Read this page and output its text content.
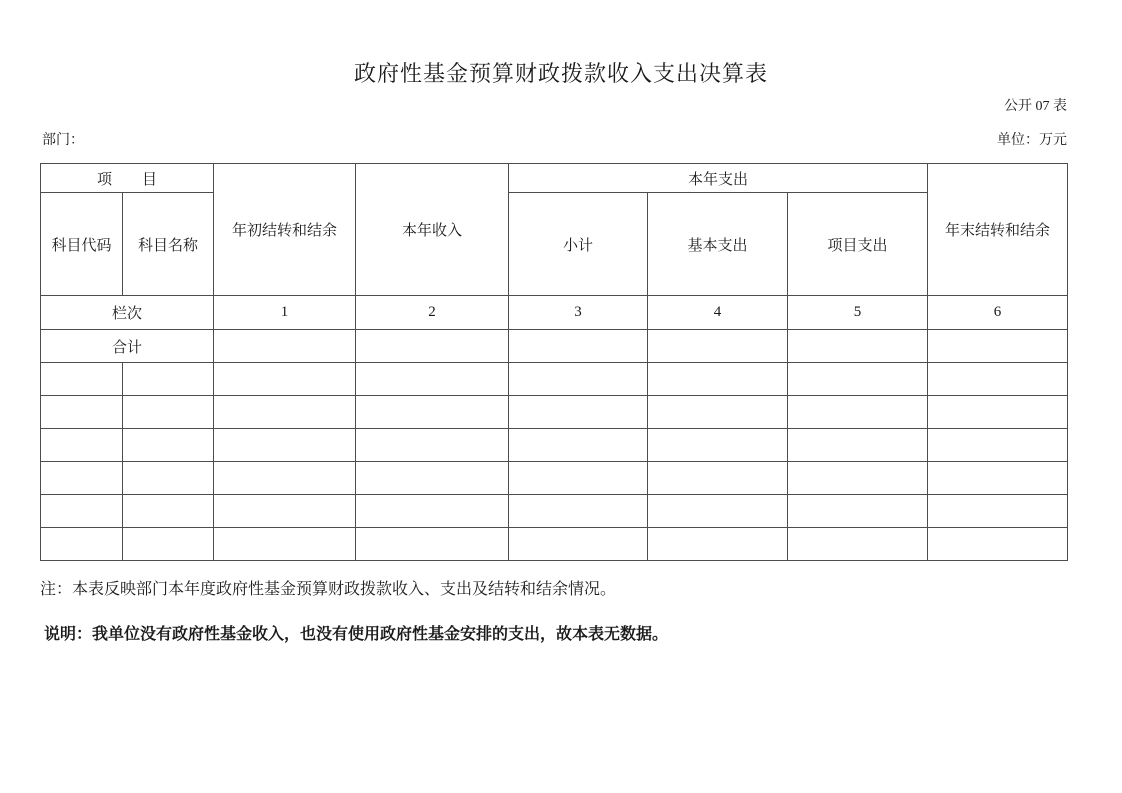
政府性基金预算财政拨款收入支出决算表
公开 07 表
部门：	单位：万元
项　　目		年初结转和结余	本年收入	本年支出			年末结转和结余
科目代码	科目名称			小计	基本支出	项目支出	
栏次		1	2	3	4	5	6
合计							

注：本表反映部门本年度政府性基金预算财政拨款收入、支出及结转和结余情况。
说明：我单位没有政府性基金收入，也没有使用政府性基金安排的支出，故本表无数据。
